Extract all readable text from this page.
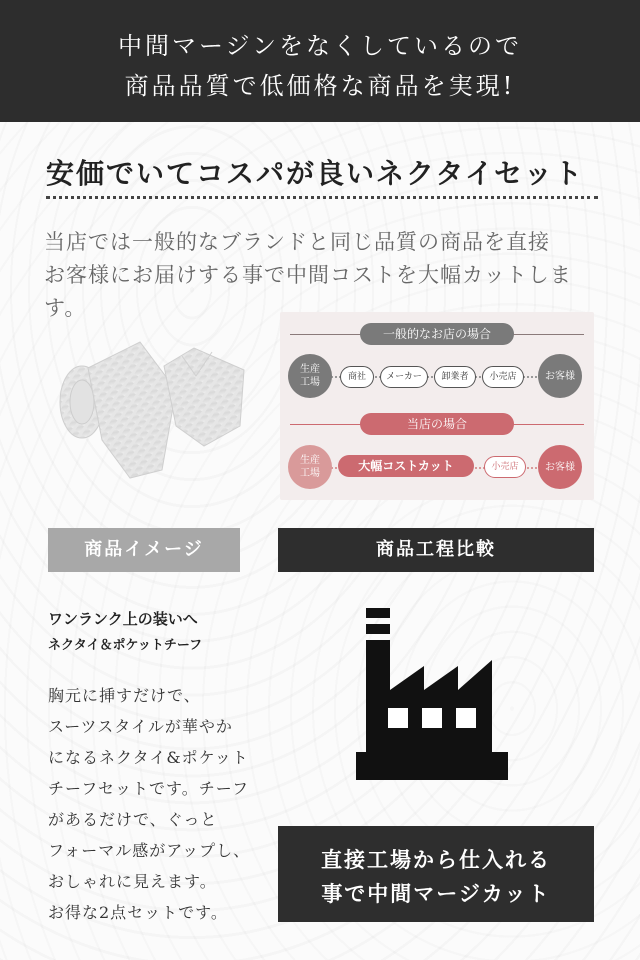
中間マージンをなくしているので
商品品質で低価格な商品を実現!
安価でいてコスパが良いネクタイセット
当店では一般的なブランドと同じ品質の商品を直接
お客様にお届けする事で中間コストを大幅カットします。
一般的なお店の場合
生産
工場	商社	メーカー	卸業者	小売店	お客様
当店の場合
生産
工場
大幅コストカット	小売店	お客様
商品イメージ	商品工程比較
ワンランク上の装いへ
ネクタイ＆ポケットチーフ
胸元に挿すだけで、
スーツスタイルが華やか
になるネクタイ&ポケット
チーフセットです。チーフ
があるだけで、ぐっと
フォーマル感がアップし、
おしゃれに見えます。
お得な2点セットです。
直接工場から仕入れる
事で中間マージカット
